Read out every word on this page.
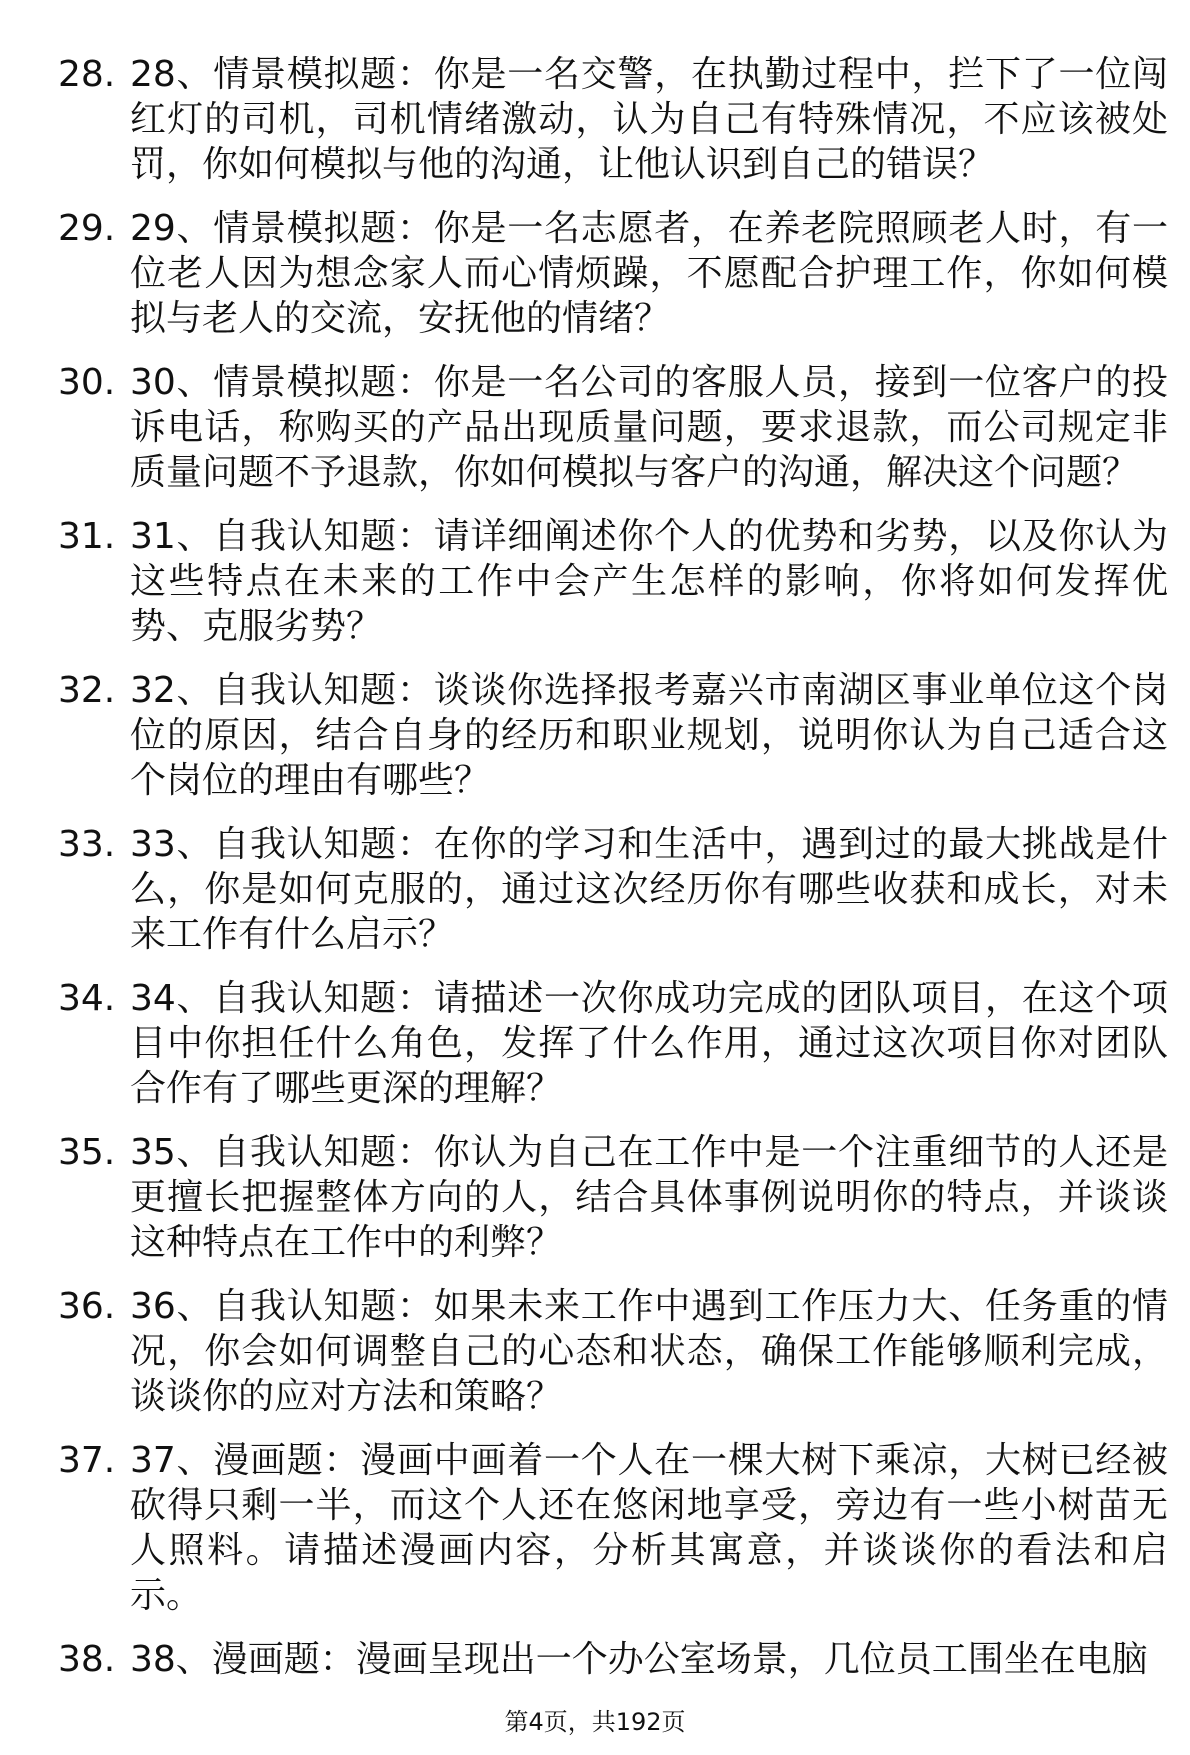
28. 28、情景模拟题：你是一名交警，在执勤过程中，拦下了一位闯红灯的司机，司机情绪激动，认为自己有特殊情况，不应该被处罚，你如何模拟与他的沟通，让他认识到自己的错误？
29. 29、情景模拟题：你是一名志愿者，在养老院照顾老人时，有一位老人因为想念家人而心情烦躁，不愿配合护理工作，你如何模拟与老人的交流，安抚他的情绪？
30. 30、情景模拟题：你是一名公司的客服人员，接到一位客户的投诉电话，称购买的产品出现质量问题，要求退款，而公司规定非质量问题不予退款，你如何模拟与客户的沟通，解决这个问题？
31. 31、自我认知题：请详细阐述你个人的优势和劣势，以及你认为这些特点在未来的工作中会产生怎样的影响，你将如何发挥优势、克服劣势？
32. 32、自我认知题：谈谈你选择报考嘉兴市南湖区事业单位这个岗位的原因，结合自身的经历和职业规划，说明你认为自己适合这个岗位的理由有哪些？
33. 33、自我认知题：在你的学习和生活中，遇到过的最大挑战是什么，你是如何克服的，通过这次经历你有哪些收获和成长，对未来工作有什么启示？
34. 34、自我认知题：请描述一次你成功完成的团队项目，在这个项目中你担任什么角色，发挥了什么作用，通过这次项目你对团队合作有了哪些更深的理解？
35. 35、自我认知题：你认为自己在工作中是一个注重细节的人还是更擅长把握整体方向的人，结合具体事例说明你的特点，并谈谈这种特点在工作中的利弊？
36. 36、自我认知题：如果未来工作中遇到工作压力大、任务重的情况，你会如何调整自己的心态和状态，确保工作能够顺利完成，谈谈你的应对方法和策略？
37. 37、漫画题：漫画中画着一个人在一棵大树下乘凉，大树已经被砍得只剩一半，而这个人还在悠闲地享受，旁边有一些小树苗无人照料。请描述漫画内容，分析其寓意，并谈谈你的看法和启示。
38. 38、漫画题：漫画呈现出一个办公室场景，几位员工围坐在电脑
第4页，共192页
